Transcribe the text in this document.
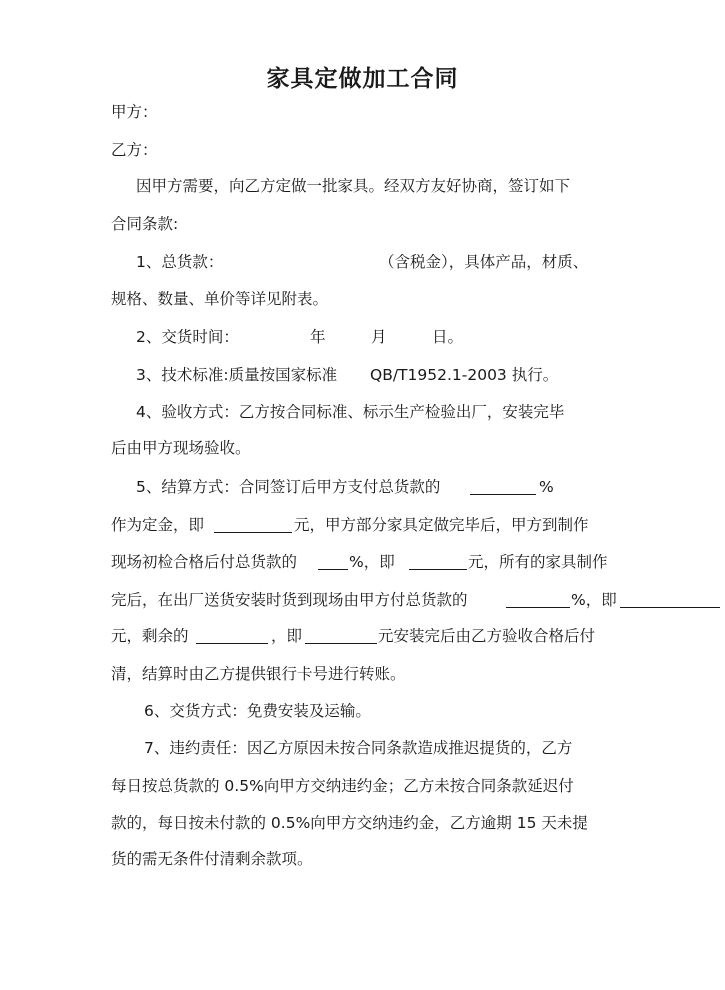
家具定做加工合同
甲方：
乙方：
因甲方需要，向乙方定做一批家具。经双方友好协商，签订如下
合同条款:
1、总货款：	（含税金），具体产品，材质、
规格、数量、单价等详见附表。
2、交货时间：	年	月	日。
3、技术标准:质量按国家标准 QB/T1952.1-2003 执行。
4、验收方式：乙方按合同标准、标示生产检验出厂，安装完毕
后由甲方现场验收。
5、结算方式：合同签订后甲方支付总货款的	%
作为定金，即	元，甲方部分家具定做完毕后，甲方到制作
现场初检合格后付总货款的	%，即	元，所有的家具制作
完后，在出厂送货安装时货到现场由甲方付总货款的	%，即
元，剩余的	，即	元安装完后由乙方验收合格后付
清，结算时由乙方提供银行卡号进行转账。
6、交货方式：免费安装及运输。
7、违约责任：因乙方原因未按合同条款造成推迟提货的，乙方
每日按总货款的 0.5%向甲方交纳违约金；乙方未按合同条款延迟付
款的，每日按未付款的 0.5%向甲方交纳违约金，乙方逾期 15 天未提
货的需无条件付清剩余款项。
